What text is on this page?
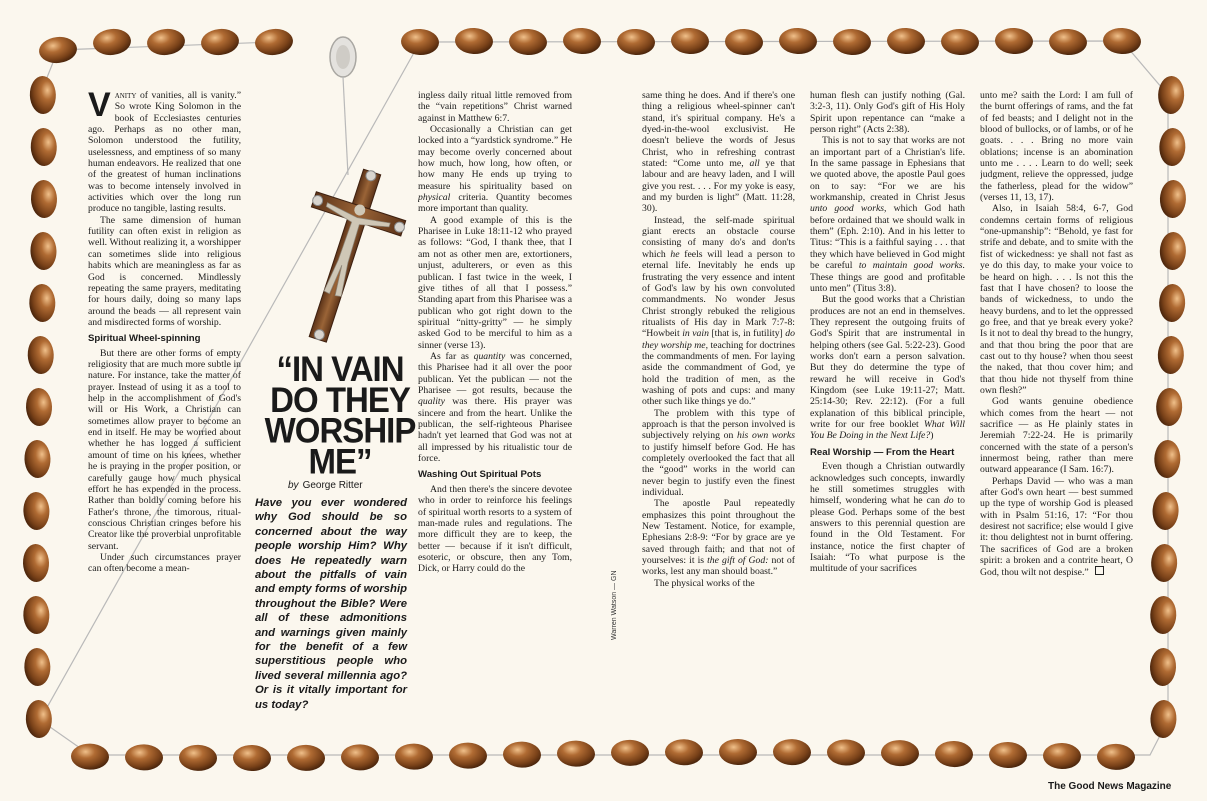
Vanity of vanities, all is vanity.” So wrote King Solomon in the book of Ecclesiastes centuries ago. Perhaps as no other man, Solomon understood the futility, uselessness, and emptiness of so many human endeavors. He realized that one of the greatest of human inclinations was to become intensely involved in activities which over the long run produce no tangible, lasting results.

The same dimension of human futility can often exist in religion as well. Without realizing it, a worshipper can sometimes slide into religious habits which are meaningless as far as God is concerned. Mindlessly repeating the same prayers, meditating for hours daily, doing so many laps around the beads — all represent vain and misdirected forms of worship.

Spiritual Wheel-spinning

But there are other forms of empty religiosity that are much more subtle in nature. For instance, take the matter of prayer. Instead of using it as a tool to help in the accomplishment of God's will or His Work, a Christian can sometimes allow prayer to become an end in itself. He may be worried about whether he has logged a sufficient amount of time on his knees, whether he is praying in the proper position, or carefully gauge how much physical effort he has expended in the process. Rather than boldly coming before his Father's throne, the timorous, ritual-conscious Christian cringes before his Creator like the proverbial unprofitable servant.

Under such circumstances prayer can often become a mean-

“IN VAIN
DO THEY
WORSHIP
ME”
by George Ritter
Have you ever wondered why God should be so concerned about the way people worship Him? Why does He repeatedly warn about the pitfalls of vain and empty forms of worship throughout the Bible? Were all of these admonitions and warnings given mainly for the benefit of a few superstitious people who lived several millennia ago? Or is it vitally important for us today?

ingless daily ritual little removed from the “vain repetitions” Christ warned against in Matthew 6:7.

Occasionally a Christian can get locked into a “yardstick syndrome.” He may become overly concerned about how much, how long, how often, or how many He ends up trying to measure his spirituality based on physical criteria. Quantity becomes more important than quality.

A good example of this is the Pharisee in Luke 18:11-12 who prayed as follows: “God, I thank thee, that I am not as other men are, extortioners, unjust, adulterers, or even as this publican. I fast twice in the week, I give tithes of all that I possess.” Standing apart from this Pharisee was a publican who got right down to the spiritual “nitty-gritty” — he simply asked God to be merciful to him as a sinner (verse 13).

As far as quantity was concerned, this Pharisee had it all over the poor publican. Yet the publican — not the Pharisee — got results, because the quality was there. His prayer was sincere and from the heart. Unlike the publican, the self-righteous Pharisee hadn't yet learned that God was not at all impressed by his ritualistic tour de force.

Washing Out Spiritual Pots

And then there's the sincere devotee who in order to reinforce his feelings of spiritual worth resorts to a system of man-made rules and regulations. The more difficult they are to keep, the better — because if it isn't difficult, esoteric, or obscure, then any Tom, Dick, or Harry could do the

Warren Watson — GN

same thing he does. And if there's one thing a religious wheel-spinner can't stand, it's spiritual company. He's a dyed-in-the-wool exclusivist. He doesn't believe the words of Jesus Christ, who in refreshing contrast stated: “Come unto me, all ye that labour and are heavy laden, and I will give you rest. . . . For my yoke is easy, and my burden is light” (Matt. 11:28, 30).

Instead, the self-made spiritual giant erects an obstacle course consisting of many do's and don'ts which he feels will lead a person to eternal life. Inevitably he ends up frustrating the very essence and intent of God's law by his own convoluted commandments. No wonder Jesus Christ strongly rebuked the religious ritualists of His day in Mark 7:7-8: “Howbeit in vain [that is, in futility] do they worship me, teaching for doctrines the commandments of men. For laying aside the commandment of God, ye hold the tradition of men, as the washing of pots and cups: and many other such like things ye do.”

The problem with this type of approach is that the person involved is subjectively relying on his own works to justify himself before God. He has completely overlooked the fact that all the “good” works in the world can never begin to justify even the finest individual.

The apostle Paul repeatedly emphasizes this point throughout the New Testament. Notice, for example, Ephesians 2:8-9: “For by grace are ye saved through faith; and that not of yourselves: it is the gift of God: not of works, lest any man should boast.”

The physical works of the

human flesh can justify nothing (Gal. 3:2-3, 11). Only God's gift of His Holy Spirit upon repentance can “make a person right” (Acts 2:38).

This is not to say that works are not an important part of a Christian's life. In the same passage in Ephesians that we quoted above, the apostle Paul goes on to say: “For we are his workmanship, created in Christ Jesus unto good works, which God hath before ordained that we should walk in them” (Eph. 2:10). And in his letter to Titus: “This is a faithful saying . . . that they which have believed in God might be careful to maintain good works. These things are good and profitable unto men” (Titus 3:8).

But the good works that a Christian produces are not an end in themselves. They represent the outgoing fruits of God's Spirit that are instrumental in helping others (see Gal. 5:22-23). Good works don't earn a person salvation. But they do determine the type of reward he will receive in God's Kingdom (see Luke 19:11-27; Matt. 25:14-30; Rev. 22:12). (For a full explanation of this biblical principle, write for our free booklet What Will You Be Doing in the Next Life?)

Real Worship — From the Heart

Even though a Christian outwardly acknowledges such concepts, inwardly he still sometimes struggles with himself, wondering what he can do to please God. Perhaps some of the best answers to this perennial question are found in the Old Testament. For instance, notice the first chapter of Isaiah: “To what purpose is the multitude of your sacrifices

unto me? saith the Lord: I am full of the burnt offerings of rams, and the fat of fed beasts; and I delight not in the blood of bullocks, or of lambs, or of he goats. . . . Bring no more vain oblations; incense is an abomination unto me . . . . Learn to do well; seek judgment, relieve the oppressed, judge the fatherless, plead for the widow” (verses 11, 13, 17).

Also, in Isaiah 58:4, 6-7, God condemns certain forms of religious “one-upmanship”: “Behold, ye fast for strife and debate, and to smite with the fist of wickedness: ye shall not fast as ye do this day, to make your voice to be heard on high. . . . Is not this the fast that I have chosen? to loose the bands of wickedness, to undo the heavy burdens, and to let the oppressed go free, and that ye break every yoke? Is it not to deal thy bread to the hungry, and that thou bring the poor that are cast out to thy house? when thou seest the naked, that thou cover him; and that thou hide not thyself from thine own flesh?”

God wants genuine obedience which comes from the heart — not sacrifice — as He plainly states in Jeremiah 7:22-24. He is primarily concerned with the state of a person's innermost being, rather than mere outward appearance (I Sam. 16:7).

Perhaps David — who was a man after God's own heart — best summed up the type of worship God is pleased with in Psalm 51:16, 17: “For thou desirest not sacrifice; else would I give it: thou delightest not in burnt offering. The sacrifices of God are a broken spirit: a broken and a contrite heart, O God, thou wilt not despise.”

The Good News Magazine
